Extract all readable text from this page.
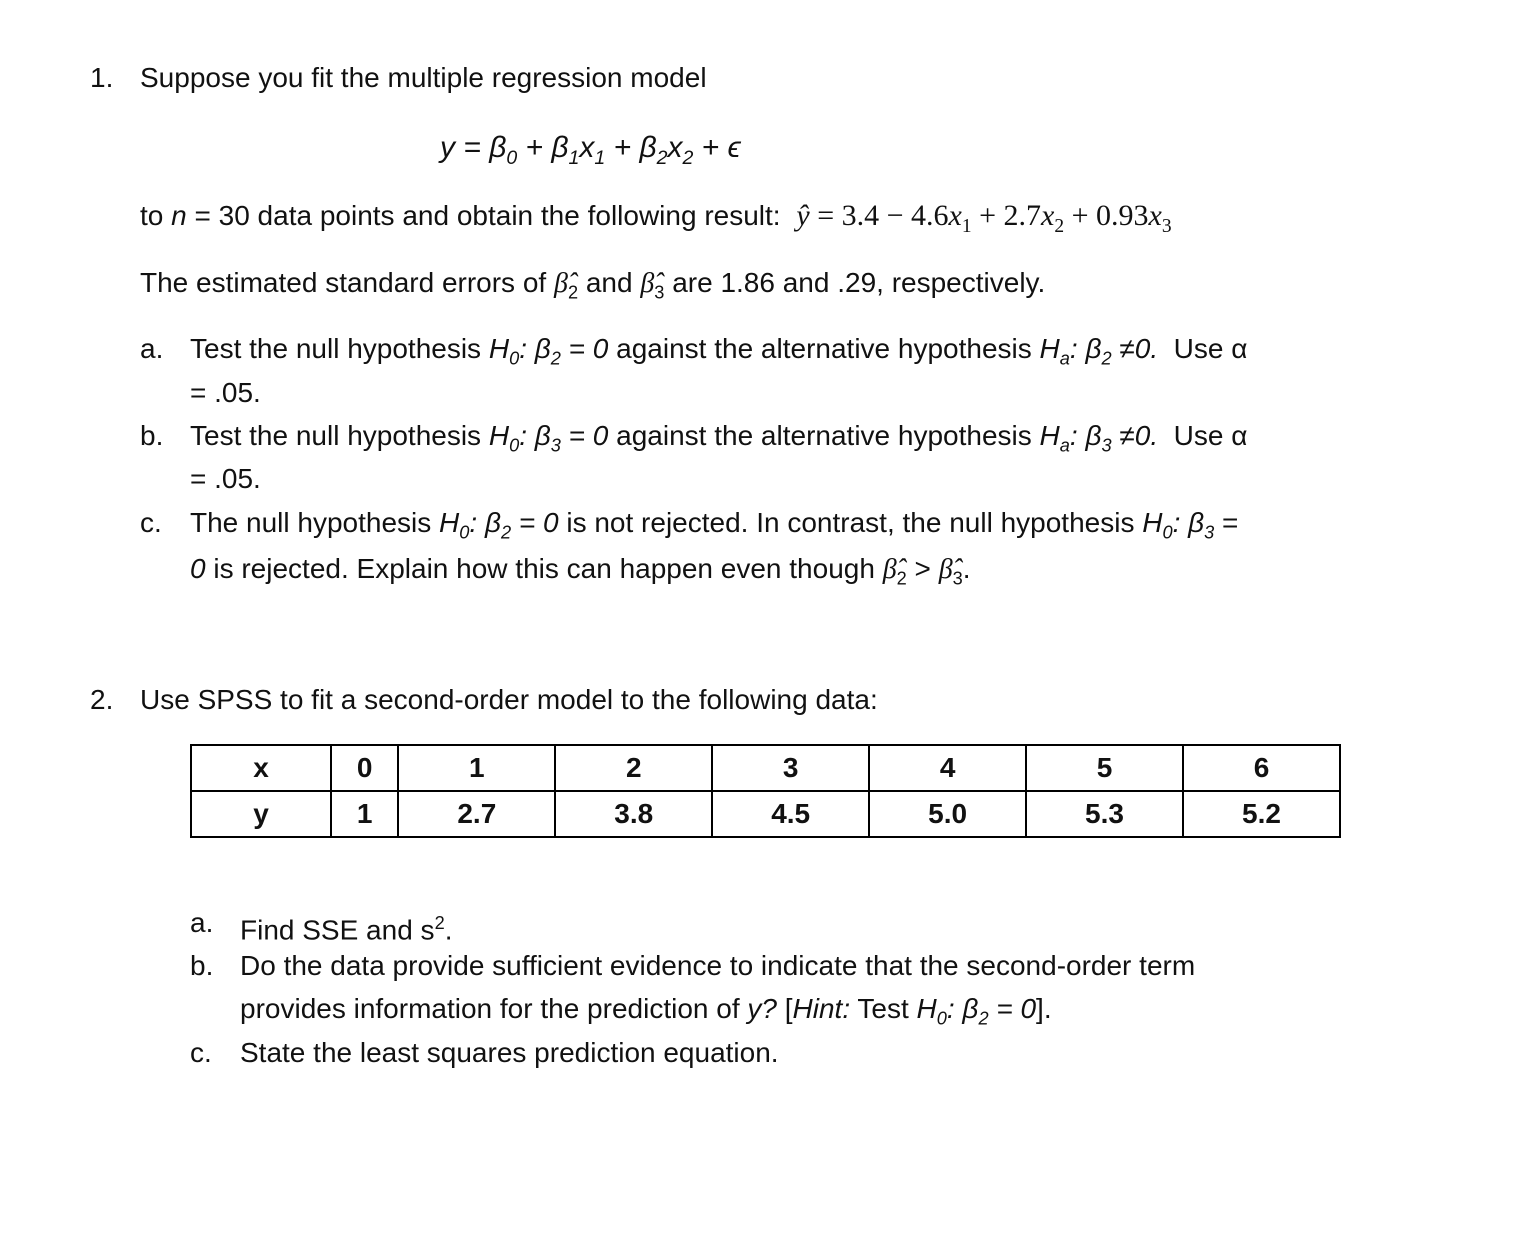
1. Suppose you fit the multiple regression model
$y = \beta_0 + \beta_1x_1 + \beta_2x_2 + \epsilon$
to n = 30 data points and obtain the following result: ŷ = $3.4 - 4.6x_1 + 2.7x_2 + 0.93x_3$
The estimated standard errors of $\betâ_2$ and $\betâ_3$ are 1.86 and .29, respectively.
a. Test the null hypothesis $H_0$: $\beta_2 = 0$ against the alternative hypothesis $H_a$: $\beta_2 \ne 0$. Use α
= .05.
b. Test the null hypothesis $H_0$: $\beta_3 = 0$ against the alternative hypothesis $H_a$: $\beta_3 \ne 0$. Use α
= .05.
c. The null hypothesis $H_0$: $\beta_2 = 0$ is not rejected. In contrast, the null hypothesis $H_0$: $\beta_3$ =
0 is rejected. Explain how this can happen even though $\betâ_2$ > $\betâ_3$.
2. Use SPSS to fit a second-order model to the following data:
x	0	1	2	3	4	5	6
y	1	2.7	3.8	4.5	5.0	5.3	5.2
a. Find SSE and $s^2$.
b. Do the data provide sufficient evidence to indicate that the second-order term
provides information for the prediction of y? [Hint: Test $H_0$: $\beta_2 = 0$].
c. State the least squares prediction equation.
